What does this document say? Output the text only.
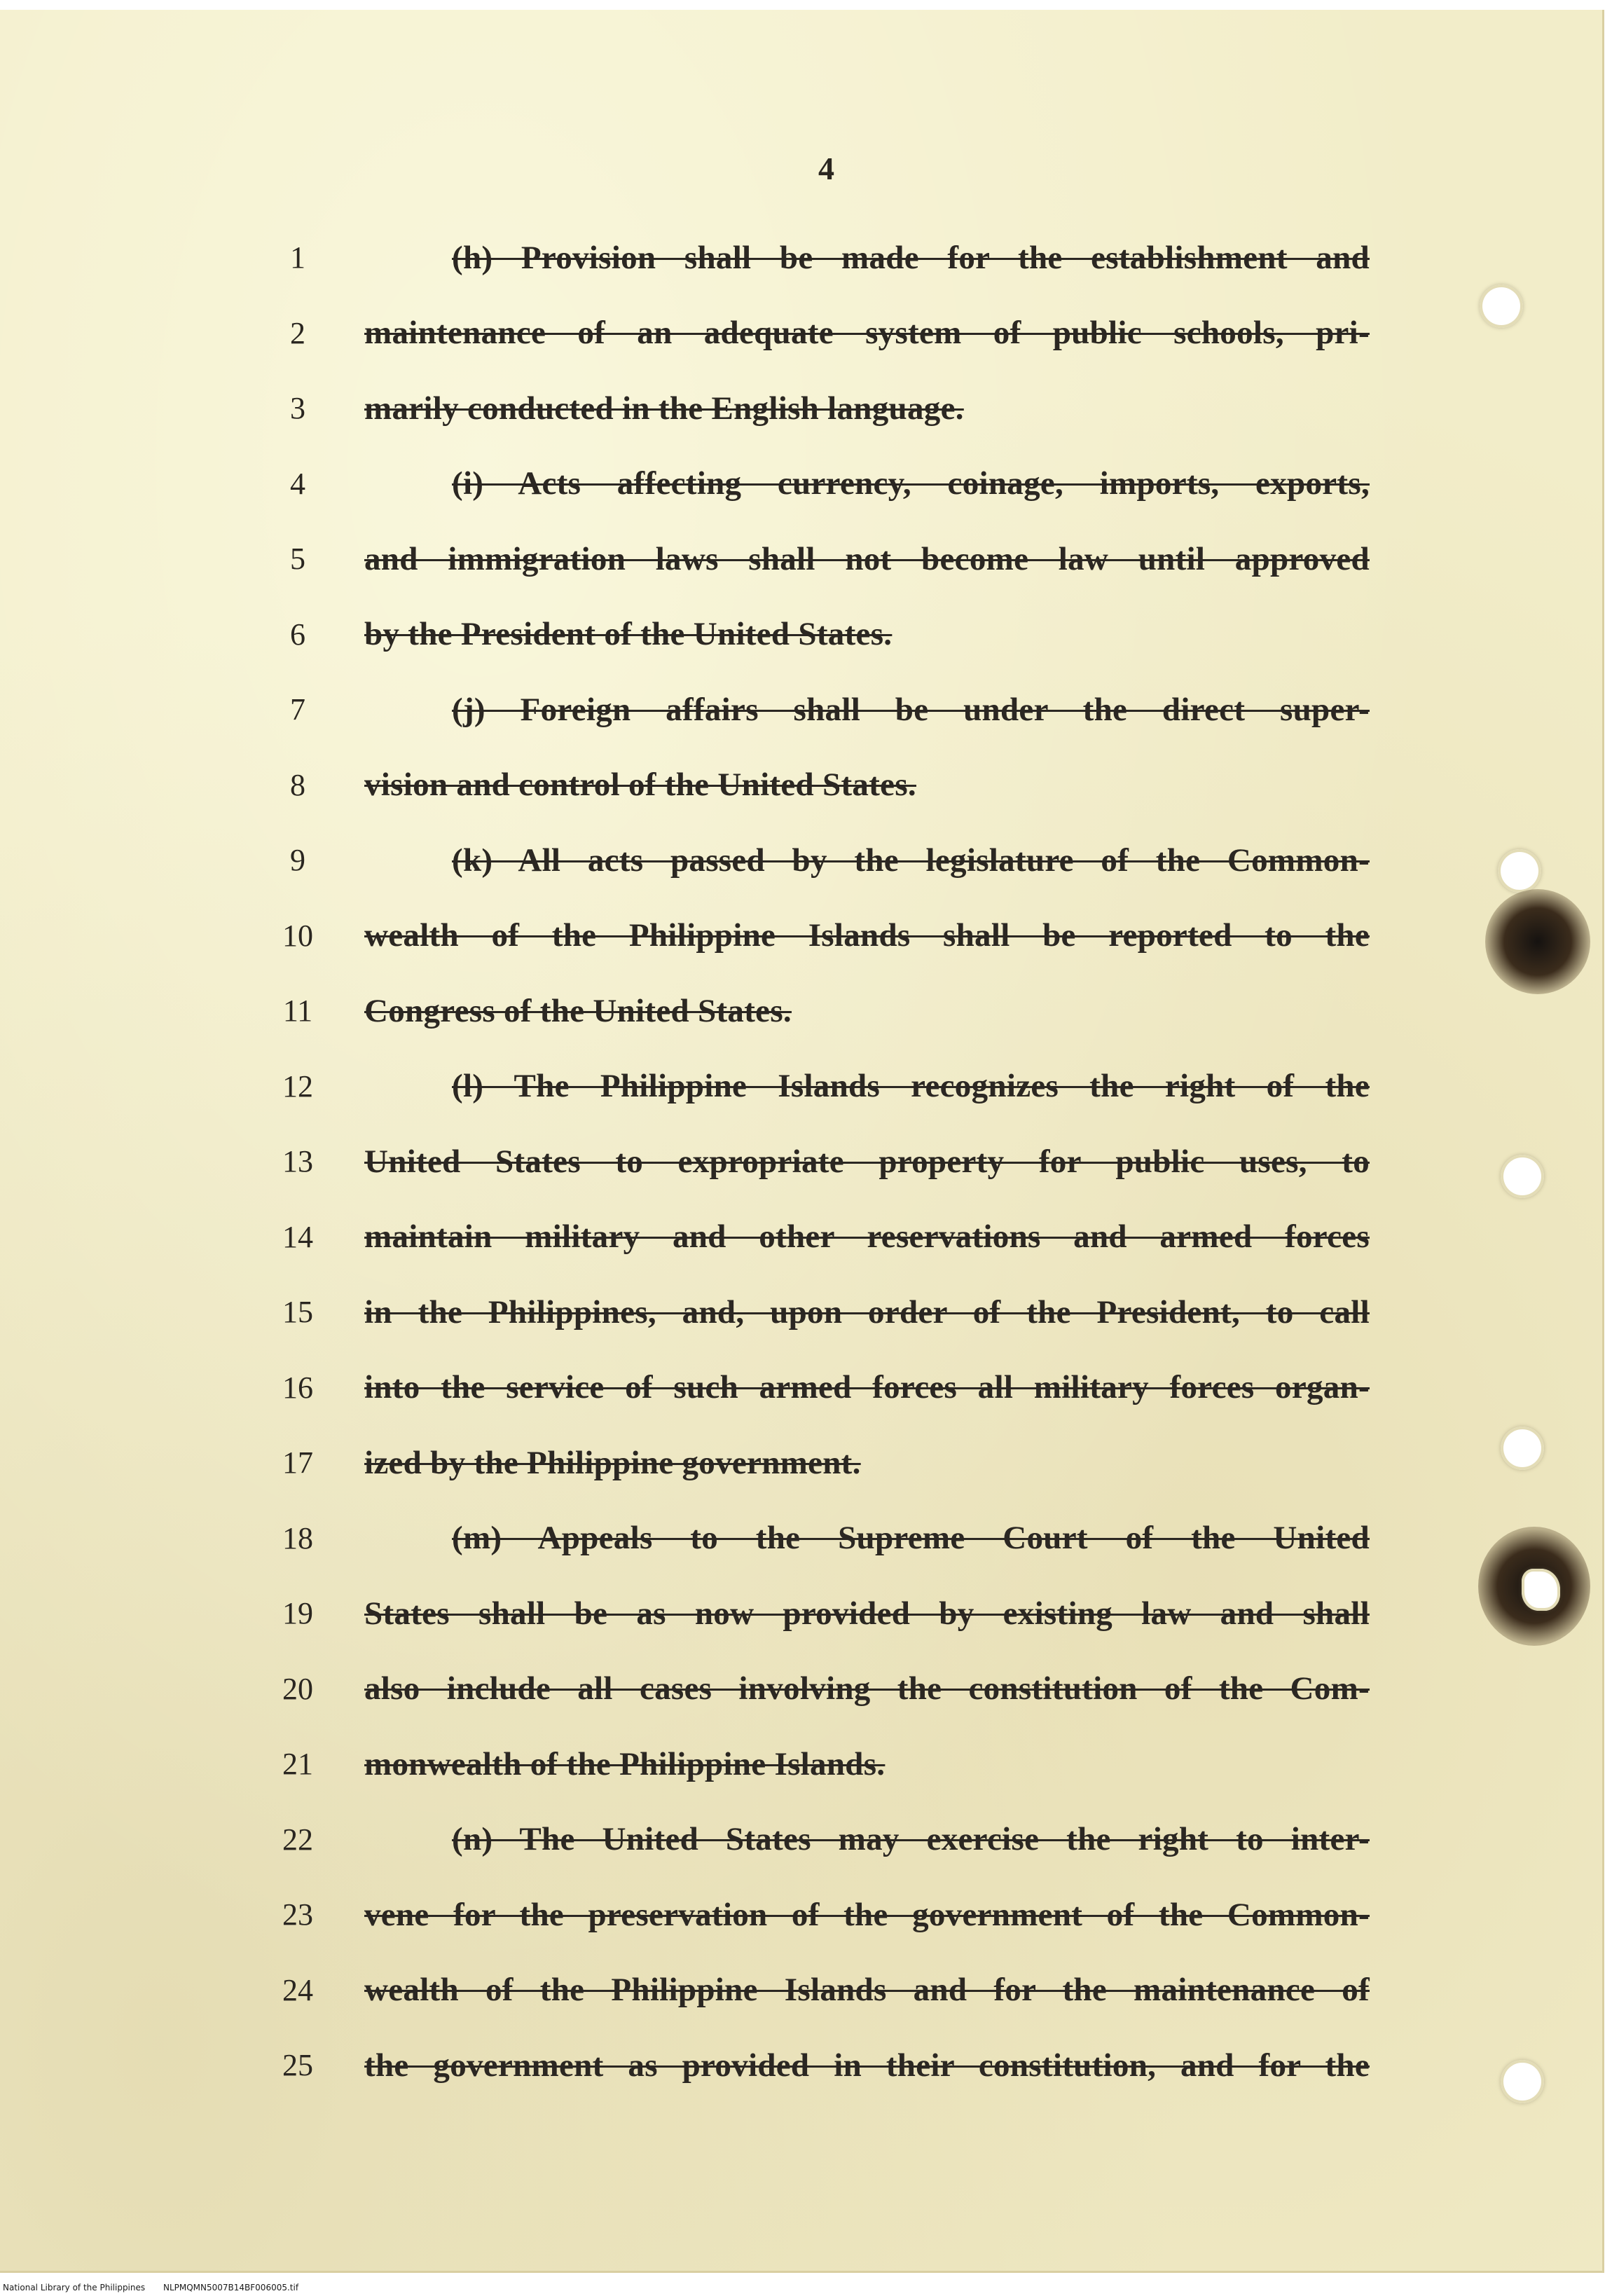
4
1	(h) Provision shall be made for the establishment and
2	maintenance of an adequate system of public schools, pri-
3	marily conducted in the English language.
4	(i) Acts affecting currency, coinage, imports, exports,
5	and immigration laws shall not become law until approved
6	by the President of the United States.
7	(j) Foreign affairs shall be under the direct super-
8	vision and control of the United States.
9	(k) All acts passed by the legislature of the Common-
10	wealth of the Philippine Islands shall be reported to the
11	Congress of the United States.
12	(l) The Philippine Islands recognizes the right of the
13	United States to expropriate property for public uses, to
14	maintain military and other reservations and armed forces
15	in the Philippines, and, upon order of the President, to call
16	into the service of such armed forces all military forces organ-
17	ized by the Philippine government.
18	(m) Appeals to the Supreme Court of the United
19	States shall be as now provided by existing law and shall
20	also include all cases involving the constitution of the Com-
21	monwealth of the Philippine Islands.
22	(n) The United States may exercise the right to inter-
23	vene for the preservation of the government of the Common-
24	wealth of the Philippine Islands and for the maintenance of
25	the government as provided in their constitution, and for the
National Library of the Philippines NLPMQMN5007B14BF006005.tif
